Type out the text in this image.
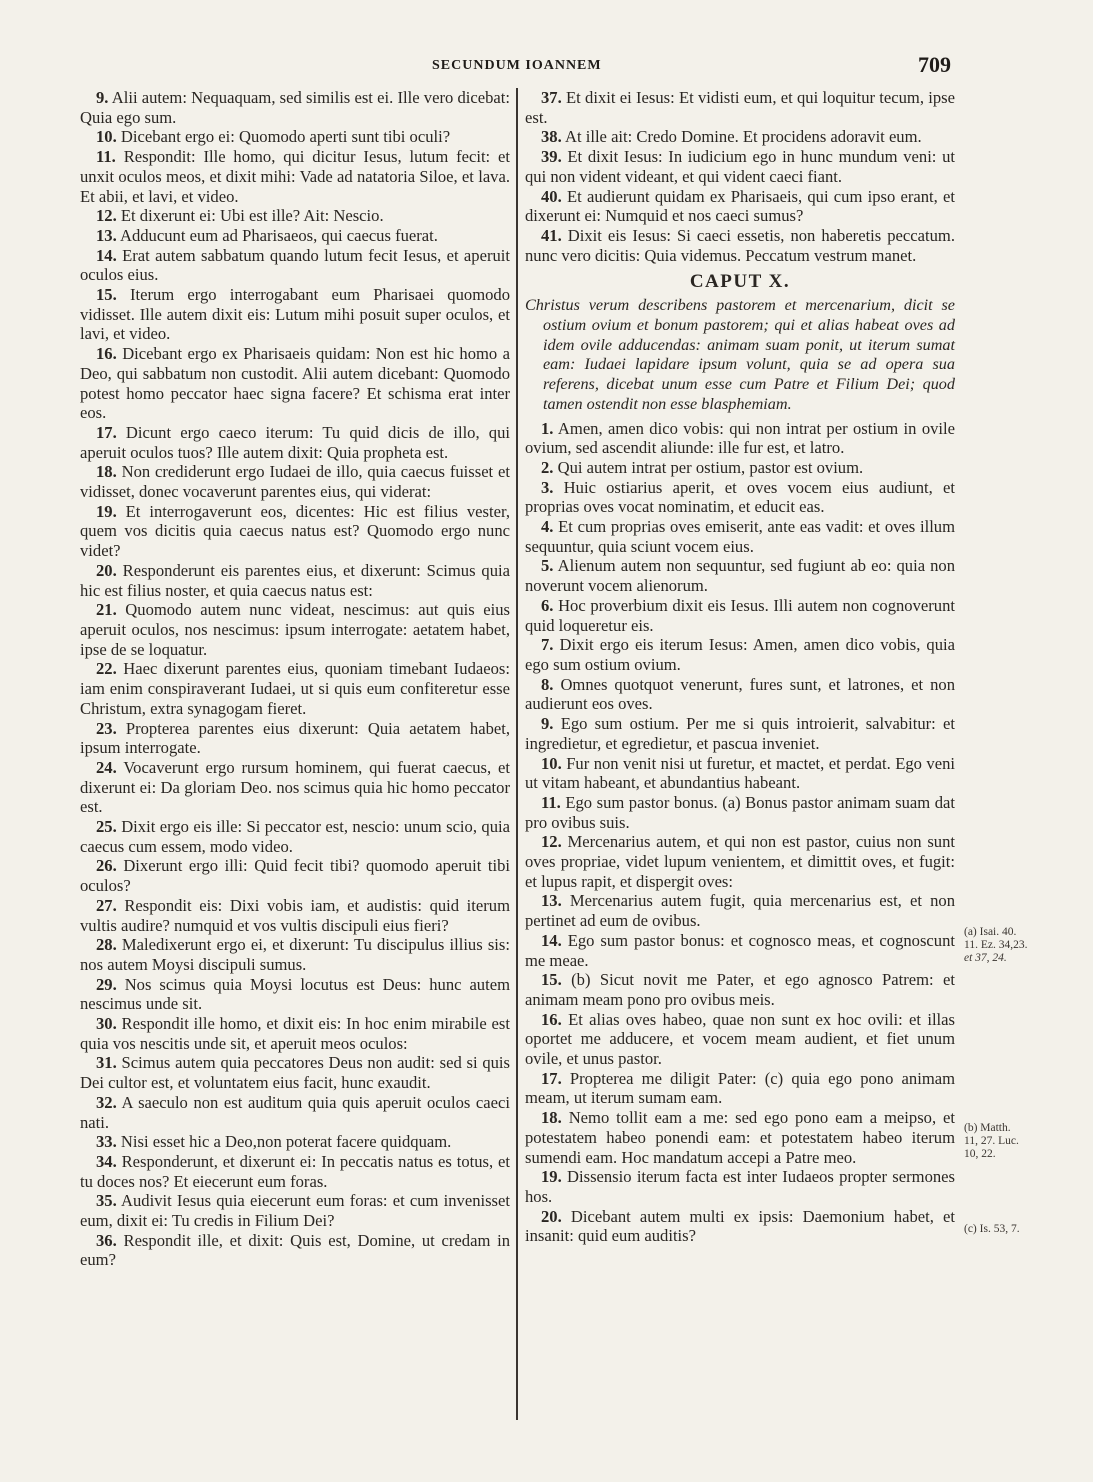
SECUNDUM IOANNEM	709

9. Alii autem: Nequaquam, sed similis est ei. Ille vero dicebat: Quia ego sum.

10. Dicebant ergo ei: Quomodo aperti sunt tibi oculi?

11. Respondit: Ille homo, qui dicitur Iesus, lutum fecit: et unxit oculos meos, et dixit mihi: Vade ad natatoria Siloe, et lava. Et abii, et lavi, et video.

12. Et dixerunt ei: Ubi est ille? Ait: Nescio.

13. Adducunt eum ad Pharisaeos, qui caecus fuerat.

14. Erat autem sabbatum quando lutum fecit Iesus, et aperuit oculos eius.

15. Iterum ergo interrogabant eum Pharisaei quomodo vidisset. Ille autem dixit eis: Lutum mihi posuit super oculos, et lavi, et video.

16. Dicebant ergo ex Pharisaeis quidam: Non est hic homo a Deo, qui sabbatum non custodit. Alii autem dicebant: Quomodo potest homo peccator haec signa facere? Et schisma erat inter eos.

17. Dicunt ergo caeco iterum: Tu quid dicis de illo, qui aperuit oculos tuos? Ille autem dixit: Quia propheta est.

18. Non crediderunt ergo Iudaei de illo, quia caecus fuisset et vidisset, donec vocaverunt parentes eius, qui viderat:

19. Et interrogaverunt eos, dicentes: Hic est filius vester, quem vos dicitis quia caecus natus est? Quomodo ergo nunc videt?

20. Responderunt eis parentes eius, et dixerunt: Scimus quia hic est filius noster, et quia caecus natus est:

21. Quomodo autem nunc videat, nescimus: aut quis eius aperuit oculos, nos nescimus: ipsum interrogate: aetatem habet, ipse de se loquatur.

22. Haec dixerunt parentes eius, quoniam timebant Iudaeos: iam enim conspiraverant Iudaei, ut si quis eum confiteretur esse Christum, extra synagogam fieret.

23. Propterea parentes eius dixerunt: Quia aetatem habet, ipsum interrogate.

24. Vocaverunt ergo rursum hominem, qui fuerat caecus, et dixerunt ei: Da gloriam Deo. nos scimus quia hic homo peccator est.

25. Dixit ergo eis ille: Si peccator est, nescio: unum scio, quia caecus cum essem, modo video.

26. Dixerunt ergo illi: Quid fecit tibi? quomodo aperuit tibi oculos?

27. Respondit eis: Dixi vobis iam, et audistis: quid iterum vultis audire? numquid et vos vultis discipuli eius fieri?

28. Maledixerunt ergo ei, et dixerunt: Tu discipulus illius sis: nos autem Moysi discipuli sumus.

29. Nos scimus quia Moysi locutus est Deus: hunc autem nescimus unde sit.

30. Respondit ille homo, et dixit eis: In hoc enim mirabile est quia vos nescitis unde sit, et aperuit meos oculos:

31. Scimus autem quia peccatores Deus non audit: sed si quis Dei cultor est, et voluntatem eius facit, hunc exaudit.

32. A saeculo non est auditum quia quis aperuit oculos caeci nati.

33. Nisi esset hic a Deo,non poterat facere quidquam.

34. Responderunt, et dixerunt ei: In peccatis natus es totus, et tu doces nos? Et eiecerunt eum foras.

35. Audivit Iesus quia eiecerunt eum foras: et cum invenisset eum, dixit ei: Tu credis in Filium Dei?

36. Respondit ille, et dixit: Quis est, Domine, ut credam in eum?

37. Et dixit ei Iesus: Et vidisti eum, et qui loquitur tecum, ipse est.

38. At ille ait: Credo Domine. Et procidens adoravit eum.

39. Et dixit Iesus: In iudicium ego in hunc mundum veni: ut qui non vident videant, et qui vident caeci fiant.

40. Et audierunt quidam ex Pharisaeis, qui cum ipso erant, et dixerunt ei: Numquid et nos caeci sumus?

41. Dixit eis Iesus: Si caeci essetis, non haberetis peccatum. nunc vero dicitis: Quia videmus. Peccatum vestrum manet.

CAPUT X.

Christus verum describens pastorem et mercenarium, dicit se ostium ovium et bonum pastorem; qui et alias habeat oves ad idem ovile adducendas: animam suam ponit, ut iterum sumat eam: Iudaei lapidare ipsum volunt, quia se ad opera sua referens, dicebat unum esse cum Patre et Filium Dei; quod tamen ostendit non esse blasphemiam.

1. Amen, amen dico vobis: qui non intrat per ostium in ovile ovium, sed ascendit aliunde: ille fur est, et latro.

2. Qui autem intrat per ostium, pastor est ovium.

3. Huic ostiarius aperit, et oves vocem eius audiunt, et proprias oves vocat nominatim, et educit eas.

4. Et cum proprias oves emiserit, ante eas vadit: et oves illum sequuntur, quia sciunt vocem eius.

5. Alienum autem non sequuntur, sed fugiunt ab eo: quia non noverunt vocem alienorum.

6. Hoc proverbium dixit eis Iesus. Illi autem non cognoverunt quid loqueretur eis.

7. Dixit ergo eis iterum Iesus: Amen, amen dico vobis, quia ego sum ostium ovium.

8. Omnes quotquot venerunt, fures sunt, et latrones, et non audierunt eos oves.

9. Ego sum ostium. Per me si quis introierit, salvabitur: et ingredietur, et egredietur, et pascua inveniet.

10. Fur non venit nisi ut furetur, et mactet, et perdat. Ego veni ut vitam habeant, et abundantius habeant.

11. Ego sum pastor bonus. (a) Bonus pastor animam suam dat pro ovibus suis.

12. Mercenarius autem, et qui non est pastor, cuius non sunt oves propriae, videt lupum venientem, et dimittit oves, et fugit: et lupus rapit, et dispergit oves:

13. Mercenarius autem fugit, quia mercenarius est, et non pertinet ad eum de ovibus.

14. Ego sum pastor bonus: et cognosco meas, et cognoscunt me meae.

15. (b) Sicut novit me Pater, et ego agnosco Patrem: et animam meam pono pro ovibus meis.

16. Et alias oves habeo, quae non sunt ex hoc ovili: et illas oportet me adducere, et vocem meam audient, et fiet unum ovile, et unus pastor.

17. Propterea me diligit Pater: (c) quia ego pono animam meam, ut iterum sumam eam.

18. Nemo tollit eam a me: sed ego pono eam a meipso, et potestatem habeo ponendi eam: et potestatem habeo iterum sumendi eam. Hoc mandatum accepi a Patre meo.

19. Dissensio iterum facta est inter Iudaeos propter sermones hos.

20. Dicebant autem multi ex ipsis: Daemonium habet, et insanit: quid eum auditis?

(a) Isai. 40.
11. Ez. 34,23.
et 37, 24.
(b) Matth.
11, 27. Luc.
10, 22.
(c) Is. 53, 7.
